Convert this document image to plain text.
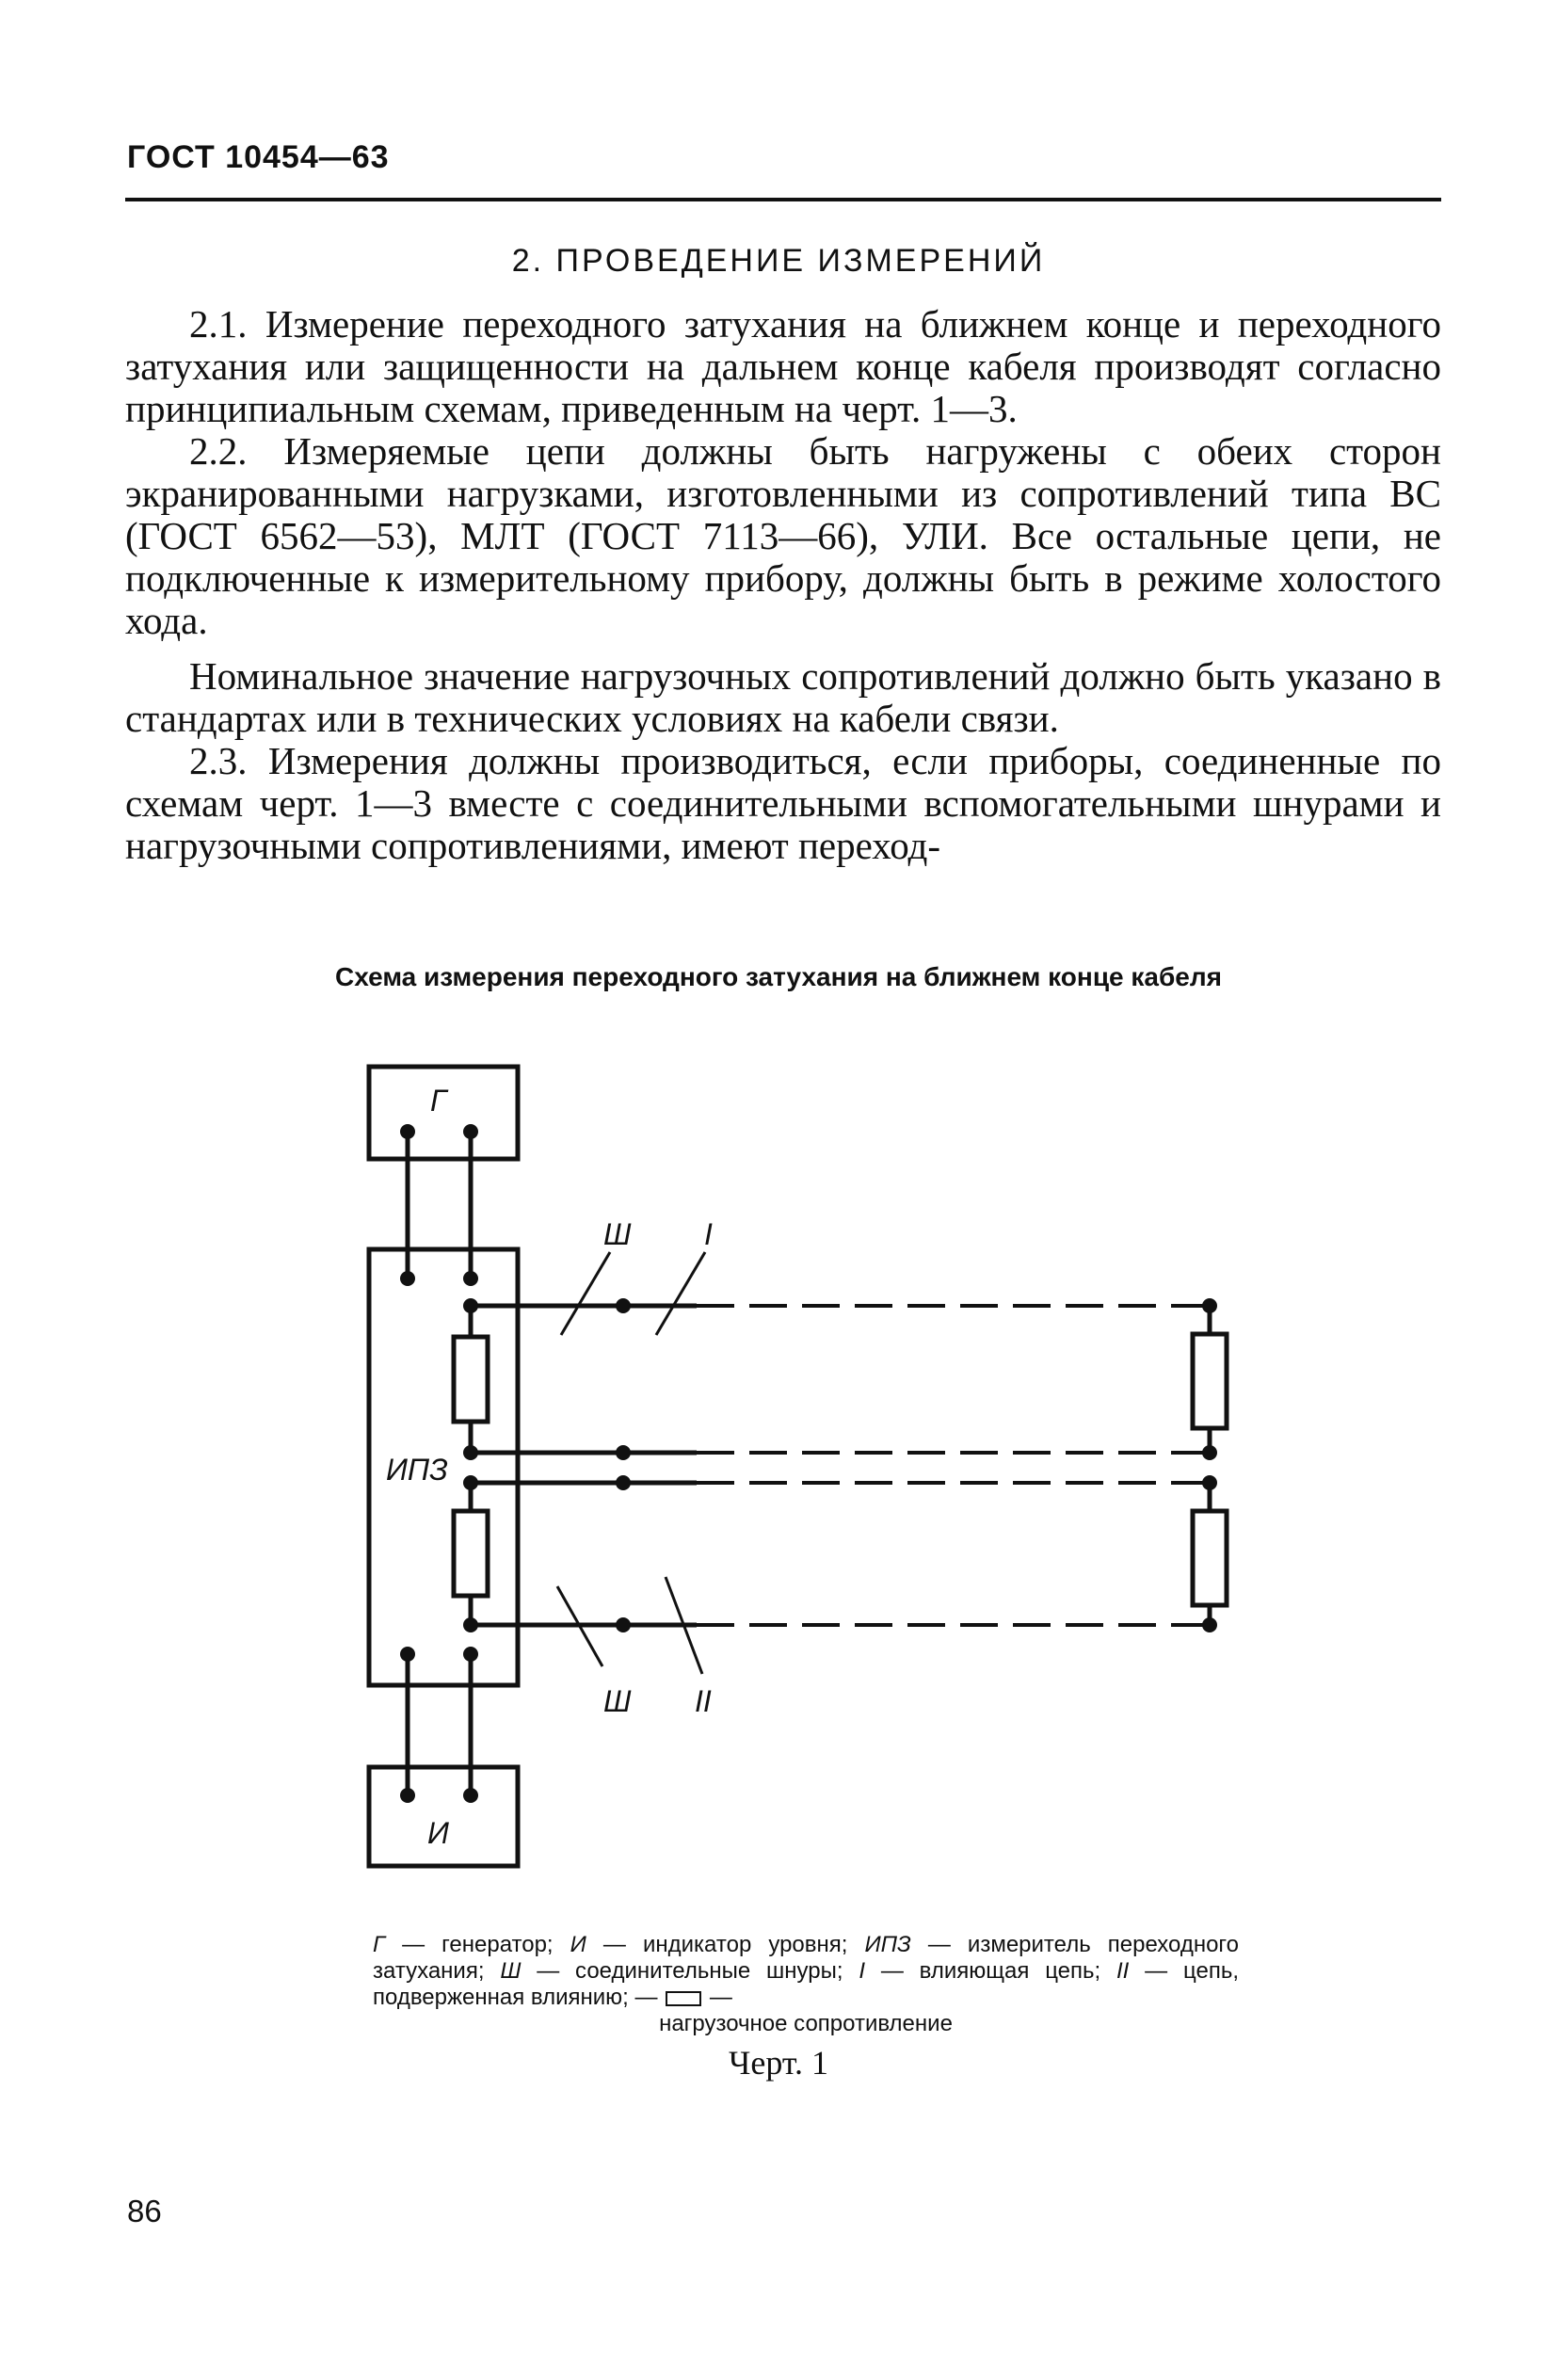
ГОСТ 10454—63
2. ПРОВЕДЕНИЕ ИЗМЕРЕНИЙ

2.1. Измерение переходного затухания на ближнем конце и переходного затухания или защищенности на дальнем конце кабеля производят согласно принципиальным схемам, приведенным на черт. 1—3.

2.2. Измеряемые цепи должны быть нагружены с обеих сторон экранированными нагрузками, изготовленными из сопротивлений типа ВС (ГОСТ 6562—53), МЛТ (ГОСТ 7113—66), УЛИ. Все остальные цепи, не подключенные к измерительному прибору, должны быть в режиме холостого хода.

Номинальное значение нагрузочных сопротивлений должно быть указано в стандартах или в технических условиях на кабели связи.

2.3. Измерения должны производиться, если приборы, соединенные по схемам черт. 1—3 вместе с соединительными вспомогательными шнурами и нагрузочными сопротивлениями, имеют переход-

Схема измерения переходного затухания на ближнем конце кабеля
Г
ИПЗ
И
Ш I
Ш II
Г — генератор; И — индикатор уровня; ИПЗ — измеритель переходного затухания; Ш — соединительные шнуры; I — влияющая цепь; II — цепь, подверженная влиянию; —  —
нагрузочное сопротивление
Черт. 1
86
